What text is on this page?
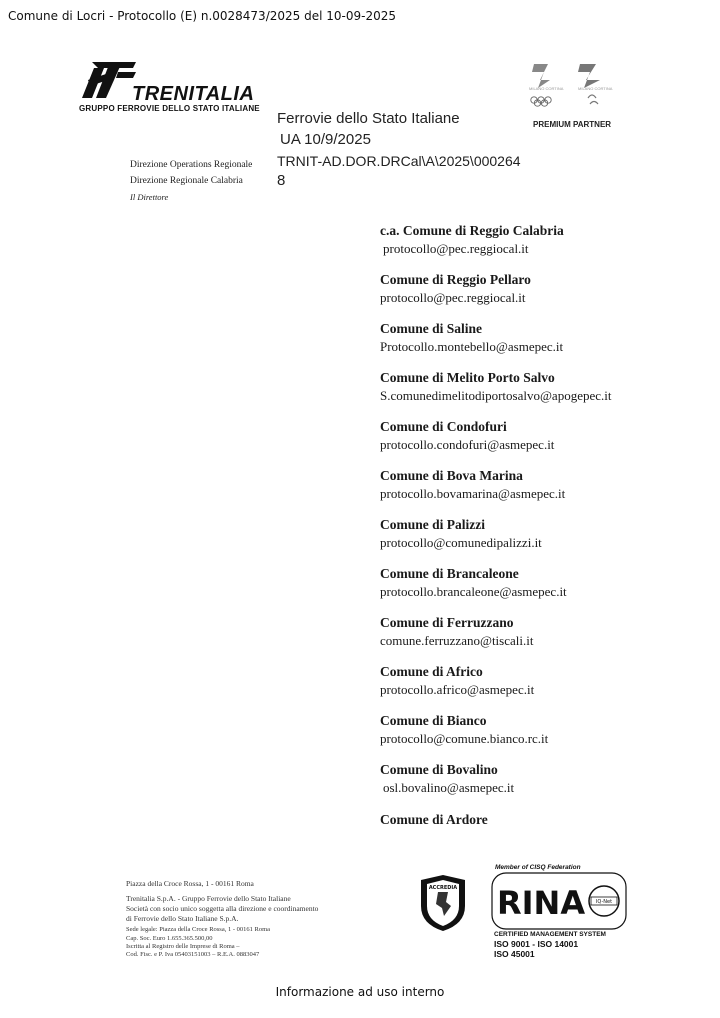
Comune di Locri - Protocollo (E) n.0028473/2025 del 10-09-2025
TRENITALIA
GRUPPO FERROVIE DELLO STATO ITALIANE
Ferrovie dello Stato Italiane
UA 10/9/2025
TRNIT-AD.DOR.DRCal\A\2025\000264
8
Direzione Operations Regionale
Direzione Regionale Calabria
Il Direttore
MILANO CORTINA	MILANO CORTINA
PREMIUM PARTNER
c.a. Comune di Reggio Calabria
protocollo@pec.reggiocal.it
Comune di Reggio Pellaro
protocollo@pec.reggiocal.it
Comune di Saline
Protocollo.montebello@asmepec.it
Comune di Melito Porto Salvo
S.comunedimelitodiportosalvo@apogepec.it
Comune di Condofuri
protocollo.condofuri@asmepec.it
Comune di Bova Marina
protocollo.bovamarina@asmepec.it
Comune di Palizzi
protocollo@comunedipalizzi.it
Comune di Brancaleone
protocollo.brancaleone@asmepec.it
Comune di Ferruzzano
comune.ferruzzano@tiscali.it
Comune di Africo
protocollo.africo@asmepec.it
Comune di Bianco
protocollo@comune.bianco.rc.it
Comune di Bovalino
osl.bovalino@asmepec.it
Comune di Ardore
Piazza della Croce Rossa, 1 - 00161 Roma
Trenitalia S.p.A. - Gruppo Ferrovie dello Stato Italiane
Società con socio unico soggetta alla direzione e coordinamento
di Ferrovie dello Stato Italiane S.p.A.
Sede legale: Piazza della Croce Rossa, 1 - 00161 Roma
Cap. Soc. Euro 1.655.365.500,00
Iscritta al Registro delle Imprese di Roma –
Cod. Fisc. e P. Iva 05403151003 – R.E.A. 0883047
ACCREDIA
Member of CISQ Federation
RINA IQ-Net
CERTIFIED MANAGEMENT SYSTEM
ISO 9001 - ISO 14001
ISO 45001
Informazione ad uso interno
